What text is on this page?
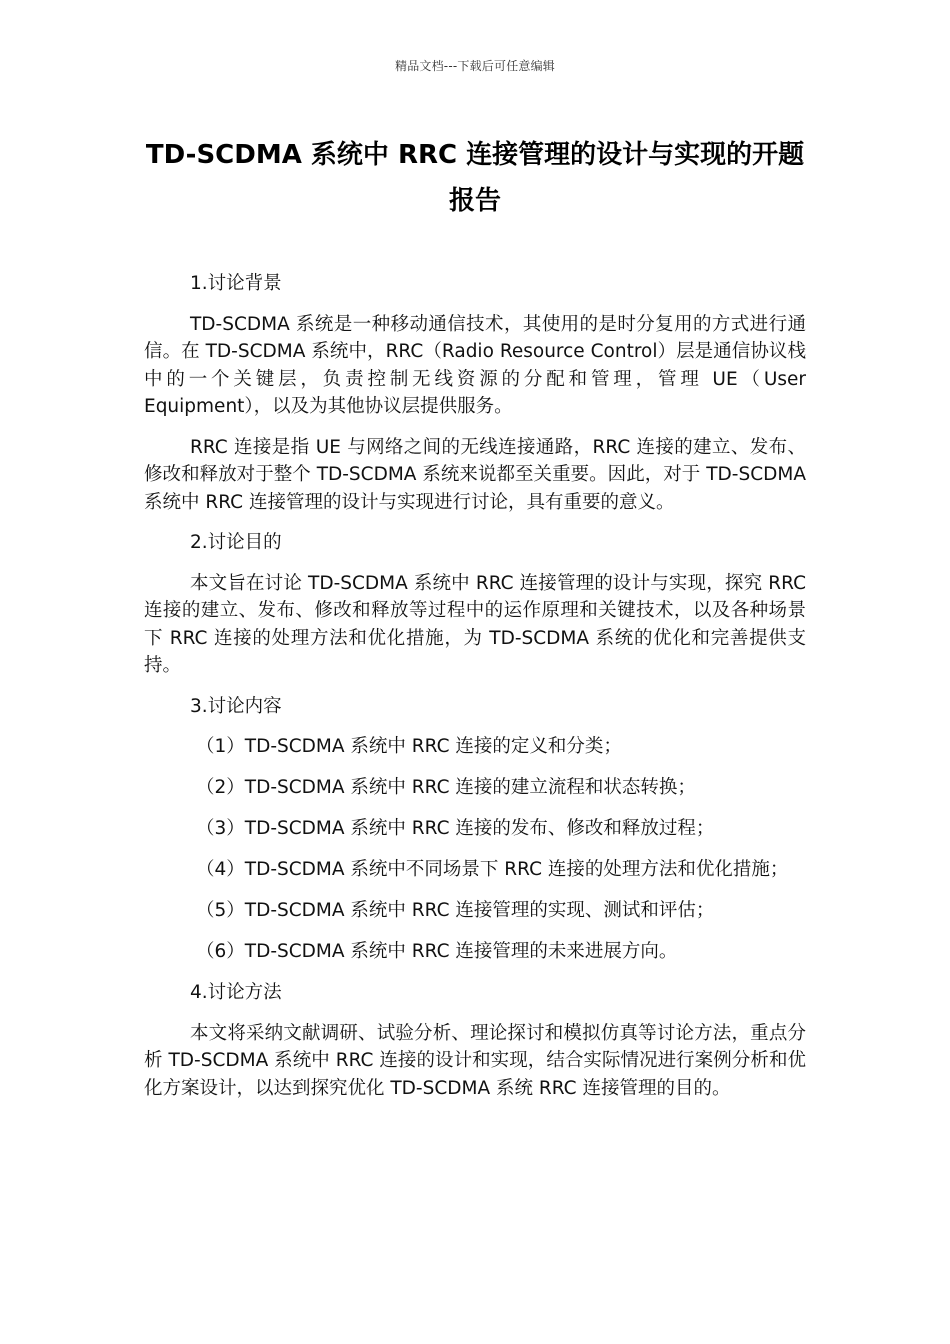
精品文档---下载后可任意编辑
TD-SCDMA 系统中 RRC 连接管理的设计与实现的开题报告

1.讨论背景

TD-SCDMA 系统是一种移动通信技术，其使用的是时分复用的方式进行通信。在 TD-SCDMA 系统中，RRC（Radio Resource Control）层是通信协议栈中的一个关键层，负责控制无线资源的分配和管理，管理 UE（User Equipment），以及为其他协议层提供服务。

RRC 连接是指 UE 与网络之间的无线连接通路，RRC 连接的建立、发布、修改和释放对于整个 TD-SCDMA 系统来说都至关重要。因此，对于 TD-SCDMA 系统中 RRC 连接管理的设计与实现进行讨论，具有重要的意义。

2.讨论目的

本文旨在讨论 TD-SCDMA 系统中 RRC 连接管理的设计与实现，探究 RRC 连接的建立、发布、修改和释放等过程中的运作原理和关键技术，以及各种场景下 RRC 连接的处理方法和优化措施，为 TD-SCDMA 系统的优化和完善提供支持。

3.讨论内容

（1）TD-SCDMA 系统中 RRC 连接的定义和分类；

（2）TD-SCDMA 系统中 RRC 连接的建立流程和状态转换；

（3）TD-SCDMA 系统中 RRC 连接的发布、修改和释放过程；

（4）TD-SCDMA 系统中不同场景下 RRC 连接的处理方法和优化措施；

（5）TD-SCDMA 系统中 RRC 连接管理的实现、测试和评估；

（6）TD-SCDMA 系统中 RRC 连接管理的未来进展方向。

4.讨论方法

本文将采纳文献调研、试验分析、理论探讨和模拟仿真等讨论方法，重点分析 TD-SCDMA 系统中 RRC 连接的设计和实现，结合实际情况进行案例分析和优化方案设计，以达到探究优化 TD-SCDMA 系统 RRC 连接管理的目的。
